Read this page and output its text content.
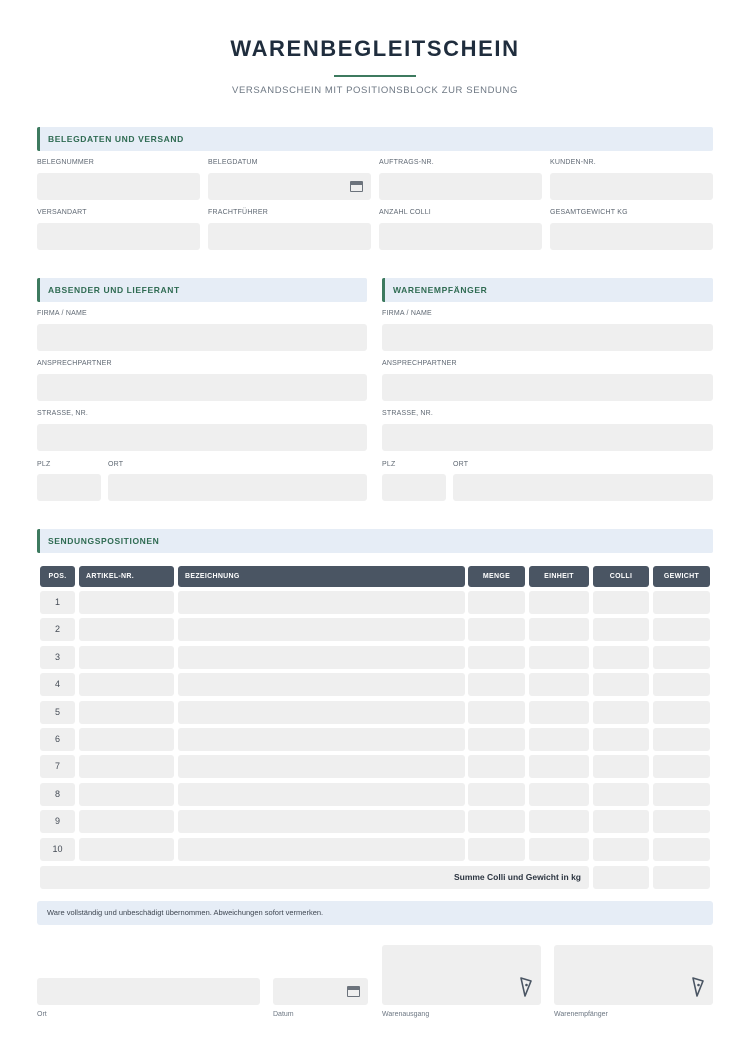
WARENBEGLEITSCHEIN
VERSANDSCHEIN MIT POSITIONSBLOCK ZUR SENDUNG
BELEGDATEN UND VERSAND
BELEGNUMMER	BELEGDATUM	AUFTRAGS-NR.	KUNDEN-NR.
VERSANDART	FRACHTFÜHRER	ANZAHL COLLI	GESAMTGEWICHT KG
ABSENDER UND LIEFERANT
FIRMA / NAME
ANSPRECHPARTNER
STRASSE, NR.
PLZ	ORT
WARENEMPFÄNGER
FIRMA / NAME
ANSPRECHPARTNER
STRASSE, NR.
PLZ	ORT
SENDUNGSPOSITIONEN
POS.	ARTIKEL-NR.	BEZEICHNUNG	MENGE	EINHEIT	COLLI	GEWICHT
1
2
3
4
5
6
7
8
9
10
Summe Colli und Gewicht in kg
Ware vollständig und unbeschädigt übernommen. Abweichungen sofort vermerken.
Ort	Datum	Warenausgang	Warenempfänger
